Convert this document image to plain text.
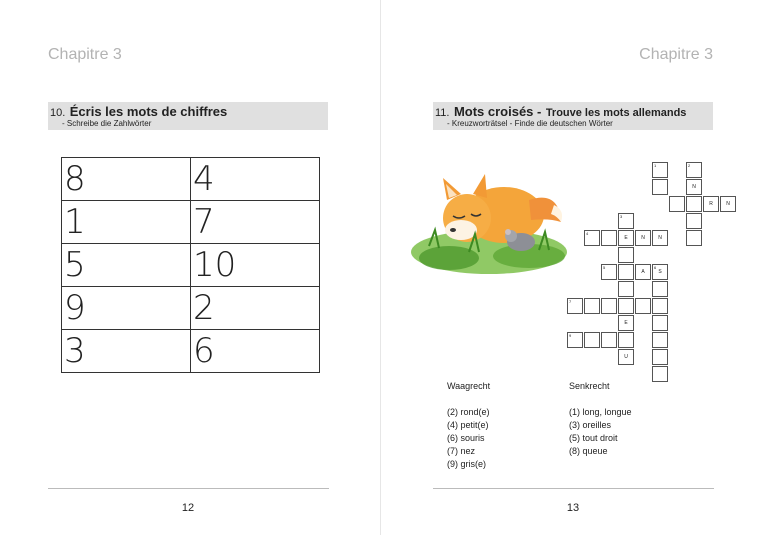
Chapitre 3
10. Écris les mots de chiffres
- Schreibe die Zahlwörter
8	4
1	7
5	10
9	2
3	6
12
Chapitre 3
11. Mots croisés - Trouve les mots allemands
- Kreuzworträtsel - Finde die deutschen Wörter
2
N
1
R	N
3
E
E
U
4
N	N
5
A
6
S
7
9
Waagrecht
(2) rond(e)
(4) petit(e)
(6) souris
(7) nez
(9) gris(e)
Senkrecht
(1) long, longue
(3) oreilles
(5) tout droit
(8) queue
13
